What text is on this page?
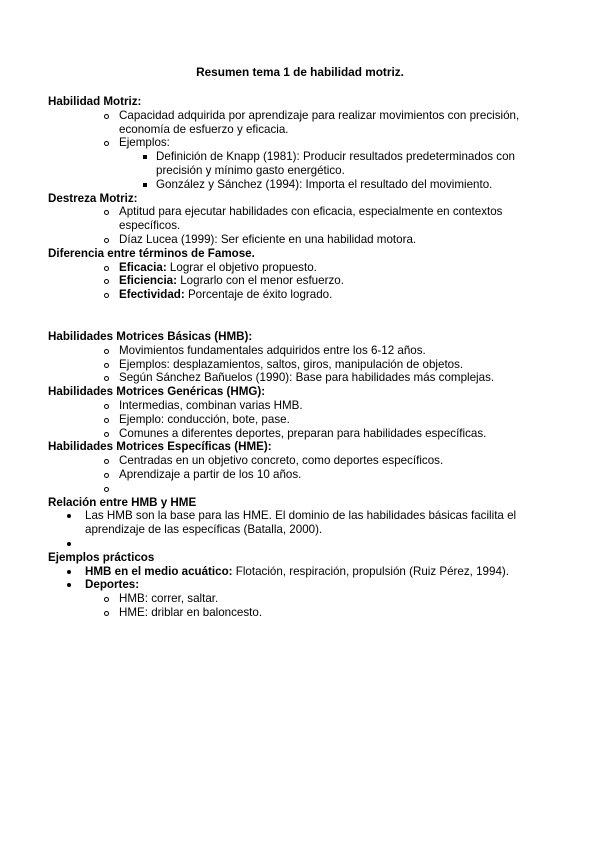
Resumen tema 1 de habilidad motriz.

Habilidad Motriz:

Capacidad adquirida por aprendizaje para realizar movimientos con precisión, economía de esfuerzo y eficacia.
Ejemplos:
Definición de Knapp (1981): Producir resultados predeterminados con precisión y mínimo gasto energético.
González y Sánchez (1994): Importa el resultado del movimiento.

Destreza Motriz:

Aptitud para ejecutar habilidades con eficacia, especialmente en contextos específicos.
Díaz Lucea (1999): Ser eficiente en una habilidad motora.

Diferencia entre términos de Famose.

Eficacia: Lograr el objetivo propuesto.
Eficiencia: Lograrlo con el menor esfuerzo.
Efectividad: Porcentaje de éxito logrado.

Habilidades Motrices Básicas (HMB):

Movimientos fundamentales adquiridos entre los 6-12 años.
Ejemplos: desplazamientos, saltos, giros, manipulación de objetos.
Según Sánchez Bañuelos (1990): Base para habilidades más complejas.

Habilidades Motrices Genéricas (HMG):

Intermedias, combinan varias HMB.
Ejemplo: conducción, bote, pase.
Comunes a diferentes deportes, preparan para habilidades específicas.

Habilidades Motrices Específicas (HME):

Centradas en un objetivo concreto, como deportes específicos.
Aprendizaje a partir de los 10 años.

Relación entre HMB y HME

Las HMB son la base para las HME. El dominio de las habilidades básicas facilita el aprendizaje de las específicas (Batalla, 2000).

Ejemplos prácticos

HMB en el medio acuático: Flotación, respiración, propulsión (Ruiz Pérez, 1994).
Deportes:
HMB: correr, saltar.
HME: driblar en baloncesto.
